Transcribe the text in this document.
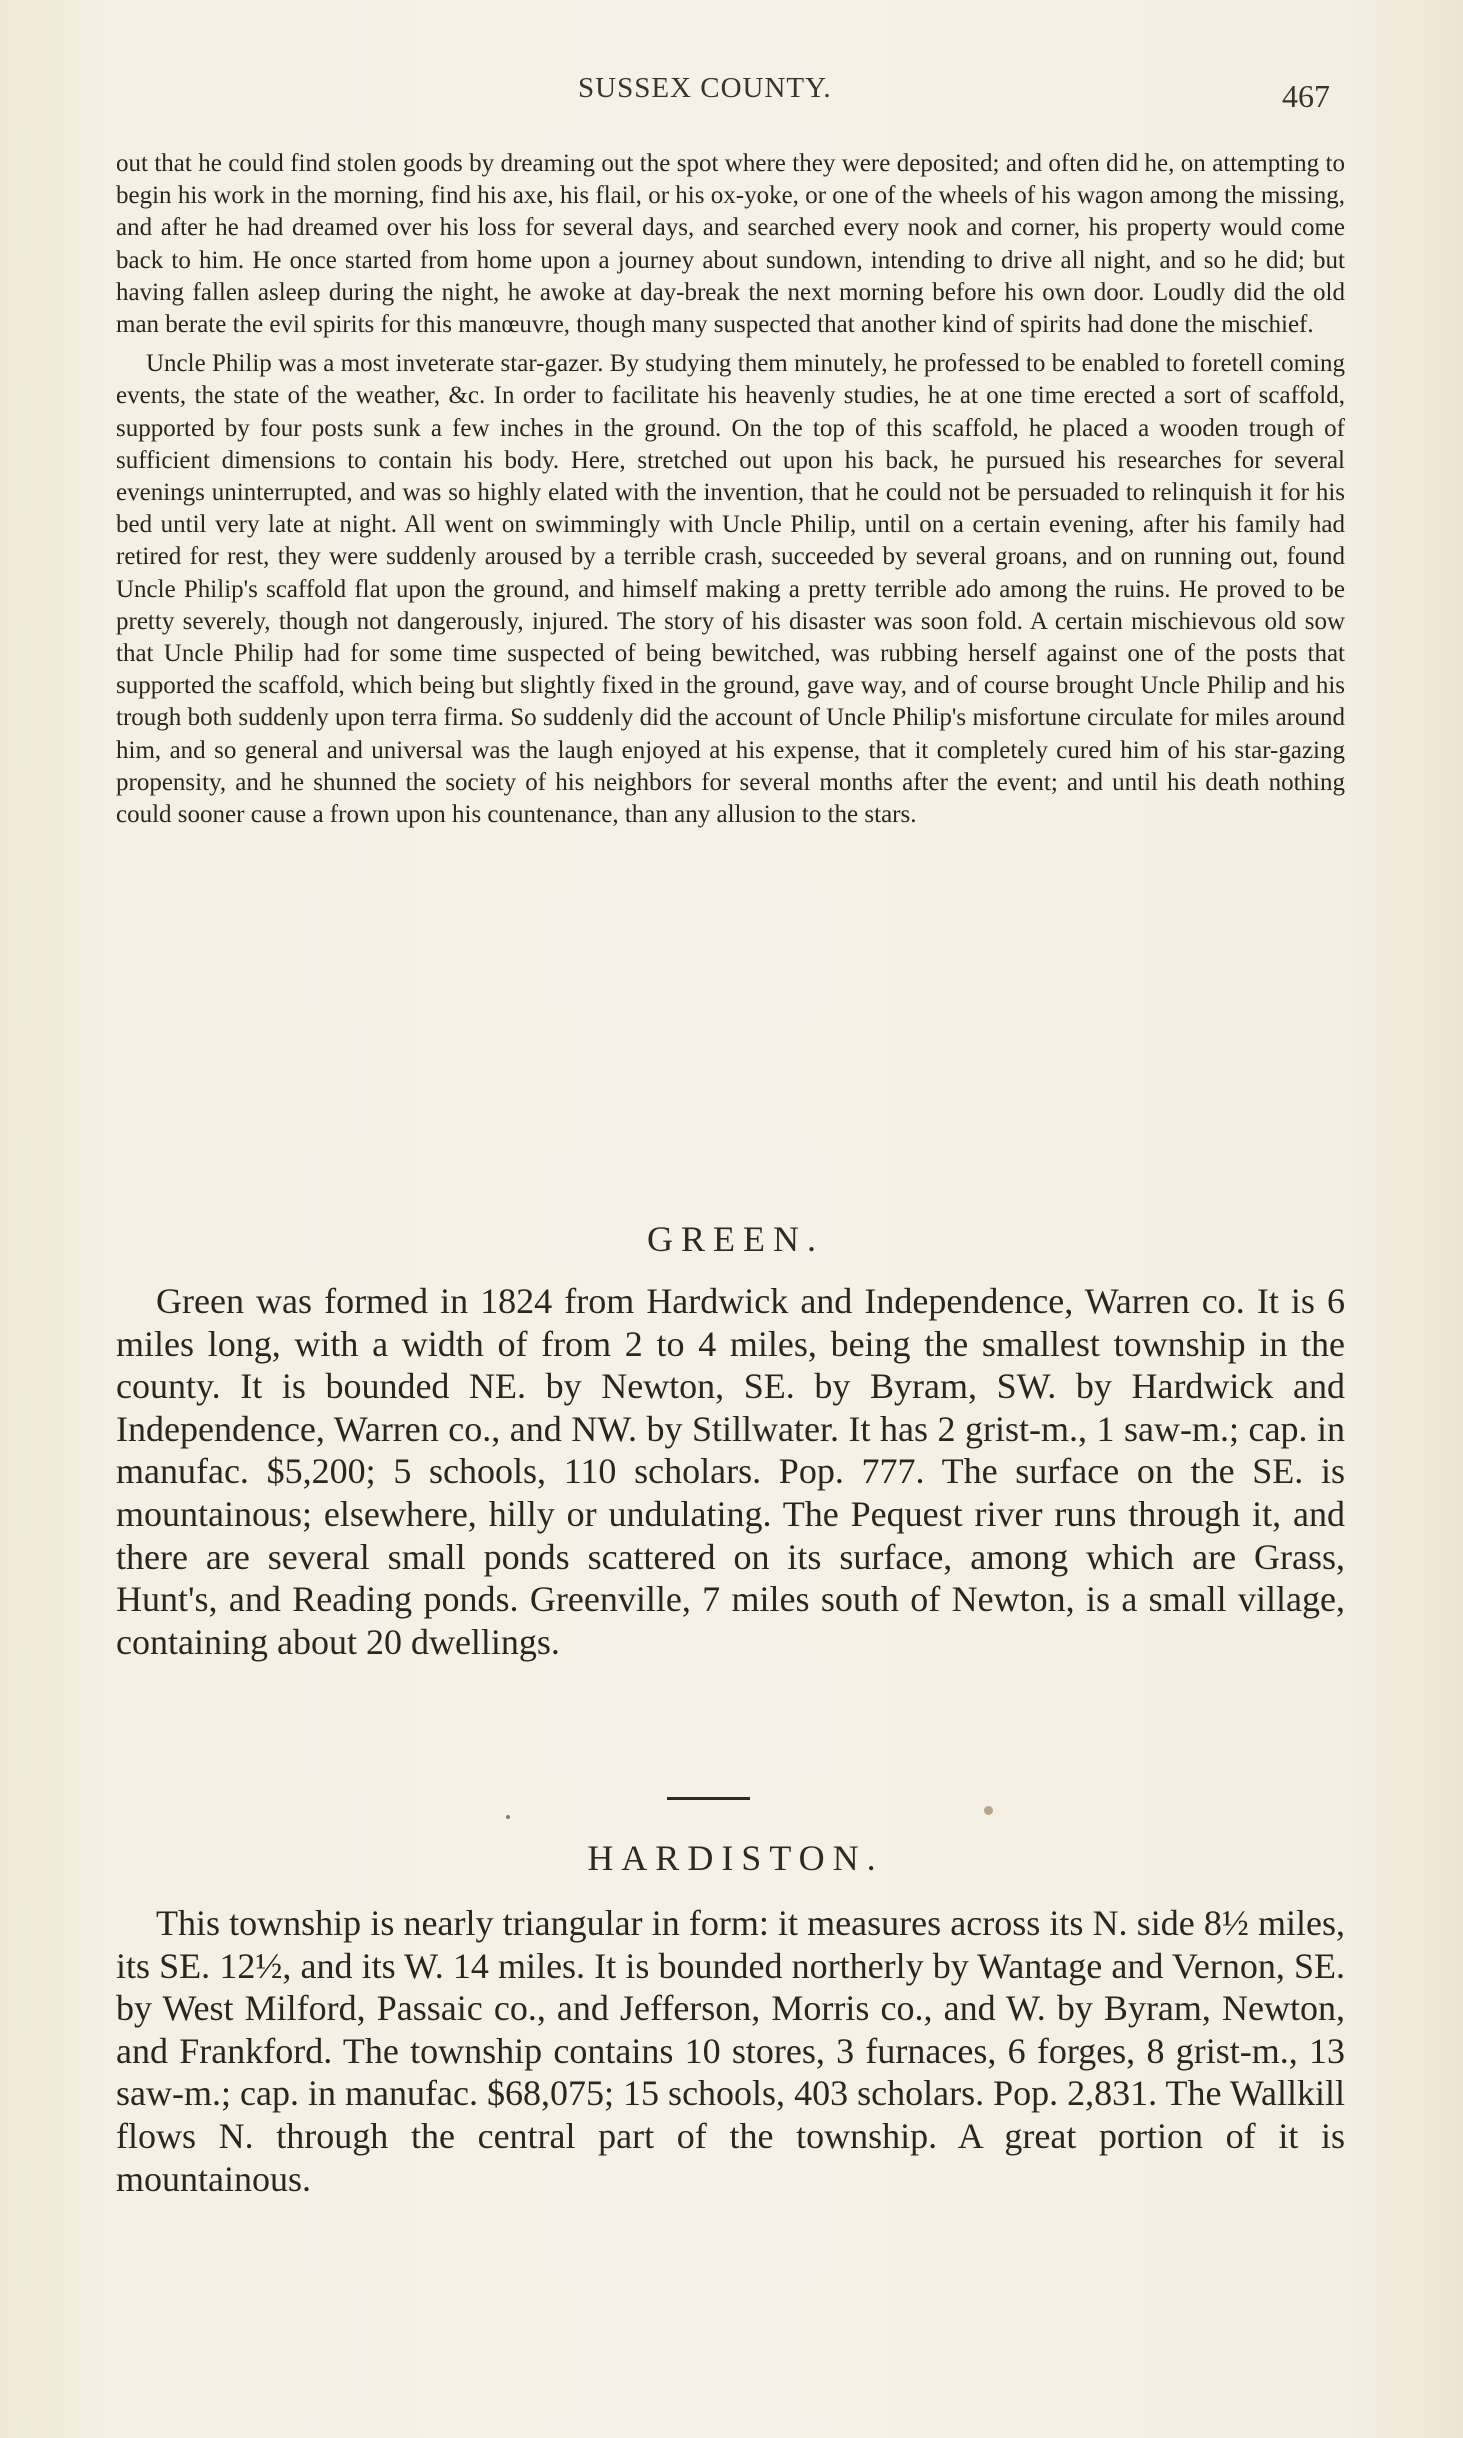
SUSSEX COUNTY.	467

out that he could find stolen goods by dreaming out the spot where they were deposited; and often did he, on attempting to begin his work in the morning, find his axe, his flail, or his ox-yoke, or one of the wheels of his wagon among the missing, and after he had dreamed over his loss for several days, and searched every nook and corner, his property would come back to him. He once started from home upon a journey about sundown, intending to drive all night, and so he did; but having fallen asleep during the night, he awoke at day-break the next morning before his own door. Loudly did the old man berate the evil spirits for this manœuvre, though many suspected that another kind of spirits had done the mischief.

Uncle Philip was a most inveterate star-gazer. By studying them minutely, he professed to be enabled to foretell coming events, the state of the weather, &c. In order to facilitate his heavenly studies, he at one time erected a sort of scaffold, supported by four posts sunk a few inches in the ground. On the top of this scaffold, he placed a wooden trough of sufficient dimensions to contain his body. Here, stretched out upon his back, he pursued his researches for several evenings uninterrupted, and was so highly elated with the invention, that he could not be persuaded to relinquish it for his bed until very late at night. All went on swimmingly with Uncle Philip, until on a certain evening, after his family had retired for rest, they were suddenly aroused by a terrible crash, succeeded by several groans, and on running out, found Uncle Philip's scaffold flat upon the ground, and himself making a pretty terrible ado among the ruins. He proved to be pretty severely, though not dangerously, injured. The story of his disaster was soon fold. A certain mischievous old sow that Uncle Philip had for some time suspected of being bewitched, was rubbing herself against one of the posts that supported the scaffold, which being but slightly fixed in the ground, gave way, and of course brought Uncle Philip and his trough both suddenly upon terra firma. So suddenly did the account of Uncle Philip's misfortune circulate for miles around him, and so general and universal was the laugh enjoyed at his expense, that it completely cured him of his star-gazing propensity, and he shunned the society of his neighbors for several months after the event; and until his death nothing could sooner cause a frown upon his countenance, than any allusion to the stars.

GREEN.

Green was formed in 1824 from Hardwick and Independence, Warren co. It is 6 miles long, with a width of from 2 to 4 miles, being the smallest township in the county. It is bounded NE. by Newton, SE. by Byram, SW. by Hardwick and Independence, Warren co., and NW. by Stillwater. It has 2 grist-m., 1 saw-m.; cap. in manufac. $5,200; 5 schools, 110 scholars. Pop. 777. The surface on the SE. is mountainous; elsewhere, hilly or undulating. The Pequest river runs through it, and there are several small ponds scattered on its surface, among which are Grass, Hunt's, and Reading ponds. Greenville, 7 miles south of Newton, is a small village, containing about 20 dwellings.

HARDISTON.

This township is nearly triangular in form: it measures across its N. side 8½ miles, its SE. 12½, and its W. 14 miles. It is bounded northerly by Wantage and Vernon, SE. by West Milford, Passaic co., and Jefferson, Morris co., and W. by Byram, Newton, and Frankford. The township contains 10 stores, 3 furnaces, 6 forges, 8 grist-m., 13 saw-m.; cap. in manufac. $68,075; 15 schools, 403 scholars. Pop. 2,831. The Wallkill flows N. through the central part of the township. A great portion of it is mountainous.
